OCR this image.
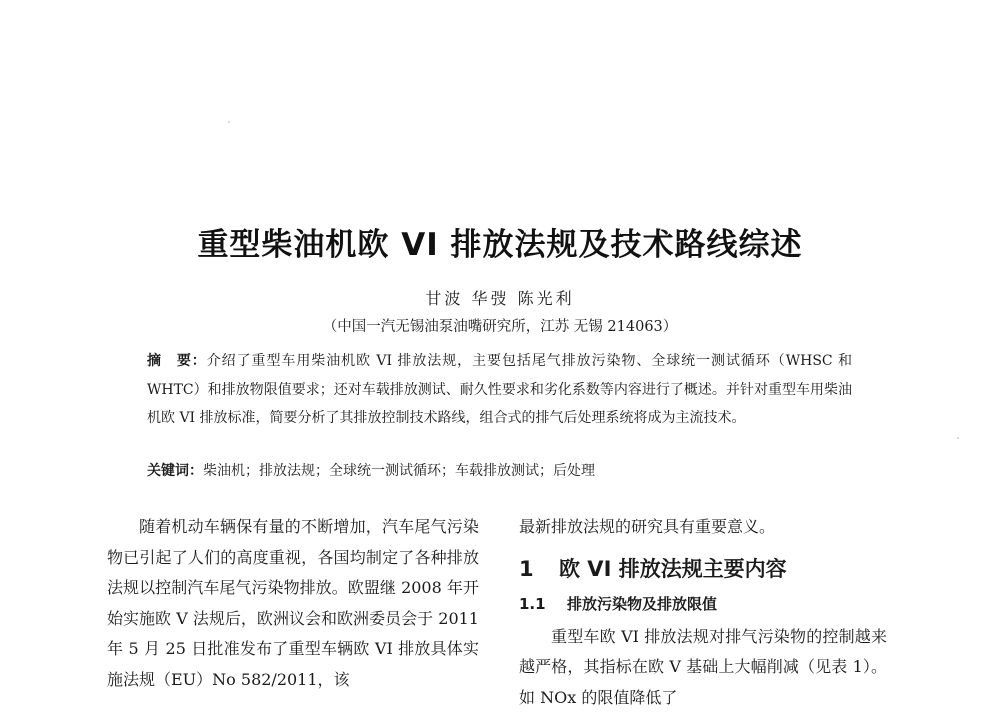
重型柴油机欧 VI 排放法规及技术路线综述
甘波 华弢 陈光利
（中国一汽无锡油泵油嘴研究所，江苏 无锡 214063）
摘　要：介绍了重型车用柴油机欧 VI 排放法规，主要包括尾气排放污染物、全球统一测试循环（WHSC 和 WHTC）和排放物限值要求；还对车载排放测试、耐久性要求和劣化系数等内容进行了概述。并针对重型车用柴油机欧 VI 排放标准，简要分析了其排放控制技术路线，组合式的排气后处理系统将成为主流技术。
关键词：柴油机；排放法规；全球统一测试循环；车载排放测试；后处理

随着机动车辆保有量的不断增加，汽车尾气污染物已引起了人们的高度重视，各国均制定了各种排放法规以控制汽车尾气污染物排放。欧盟继 2008 年开始实施欧 V 法规后，欧洲议会和欧洲委员会于 2011 年 5 月 25 日批准发布了重型车辆欧 VI 排放具体实施法规（EU）No 582/2011，该

最新排放法规的研究具有重要意义。

1 欧 VI 排放法规主要内容
1.1 排放污染物及排放限值

重型车欧 VI 排放法规对排气污染物的控制越来越严格，其指标在欧 V 基础上大幅削减（见表 1）。如 NOx 的限值降低了
